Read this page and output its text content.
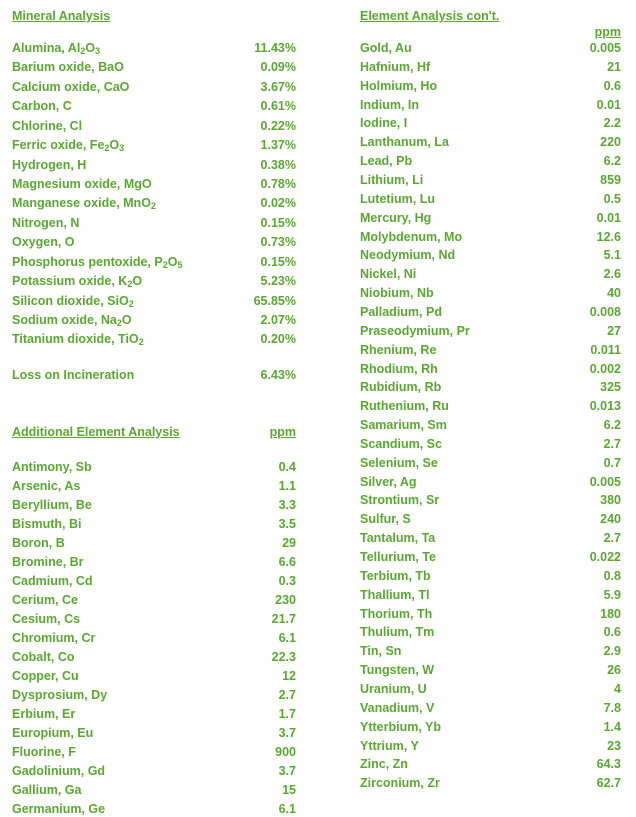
Mineral Analysis
Alumina, $Al_2O_3$	11.43%
Barium oxide, BaO	0.09%
Calcium oxide, CaO	3.67%
Carbon, C	0.61%
Chlorine, Cl	0.22%
Ferric oxide, $Fe_2O_3$	1.37%
Hydrogen, H	0.38%
Magnesium oxide, MgO	0.78%
Manganese oxide, MnO$_2$	0.02%
Nitrogen, N	0.15%
Oxygen, O	0.73%
Phosphorus pentoxide, $P_2O_5$	0.15%
Potassium oxide, $K_2O$	5.23%
Silicon dioxide, SiO$_2$	65.85%
Sodium oxide, $Na_2O$	2.07%
Titanium dioxide, TiO$_2$	0.20%
Loss on Incineration	6.43%
Additional Element Analysis	ppm
Antimony, Sb	0.4
Arsenic, As	1.1
Beryllium, Be	3.3
Bismuth, Bi	3.5
Boron, B	29
Bromine, Br	6.6
Cadmium, Cd	0.3
Cerium, Ce	230
Cesium, Cs	21.7
Chromium, Cr	6.1
Cobalt, Co	22.3
Copper, Cu	12
Dysprosium, Dy	2.7
Erbium, Er	1.7
Europium, Eu	3.7
Fluorine, F	900
Gadolinium, Gd	3.7
Gallium, Ga	15
Germanium, Ge	6.1
Element Analysis con't.
ppm
Gold, Au	0.005
Hafnium, Hf	21
Holmium, Ho	0.6
Indium, In	0.01
Iodine, I	2.2
Lanthanum, La	220
Lead, Pb	6.2
Lithium, Li	859
Lutetium, Lu	0.5
Mercury, Hg	0.01
Molybdenum, Mo	12.6
Neodymium, Nd	5.1
Nickel, Ni	2.6
Niobium, Nb	40
Palladium, Pd	0.008
Praseodymium, Pr	27
Rhenium, Re	0.011
Rhodium, Rh	0.002
Rubidium, Rb	325
Ruthenium, Ru	0.013
Samarium, Sm	6.2
Scandium, Sc	2.7
Selenium, Se	0.7
Silver, Ag	0.005
Strontium, Sr	380
Sulfur, S	240
Tantalum, Ta	2.7
Tellurium, Te	0.022
Terbium, Tb	0.8
Thallium, Tl	5.9
Thorium, Th	180
Thulium, Tm	0.6
Tin, Sn	2.9
Tungsten, W	26
Uranium, U	4
Vanadium, V	7.8
Ytterbium, Yb	1.4
Yttrium, Y	23
Zinc, Zn	64.3
Zirconium, Zr	62.7
